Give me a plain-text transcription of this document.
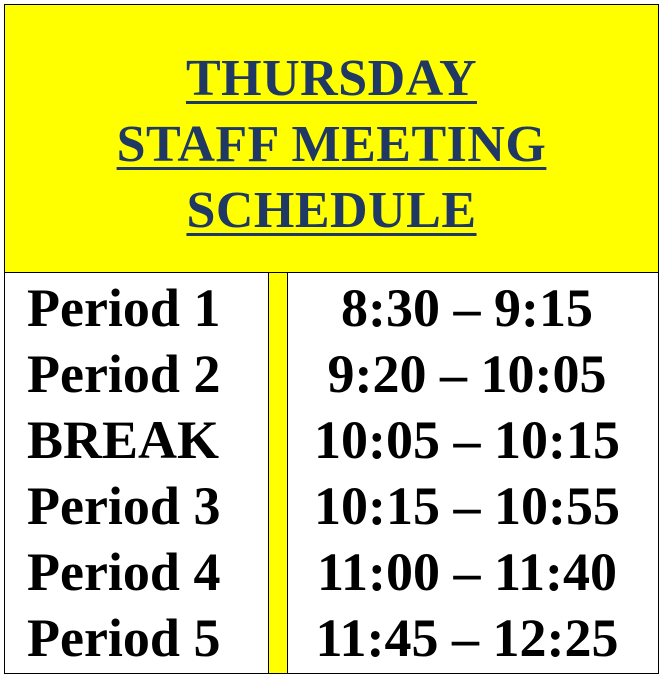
THURSDAY
STAFF MEETING
SCHEDULE
Period 1	8:30 – 9:15
Period 2	9:20 – 10:05
BREAK	10:05 – 10:15
Period 3	10:15 – 10:55
Period 4	11:00 – 11:40
Period 5	11:45 – 12:25
